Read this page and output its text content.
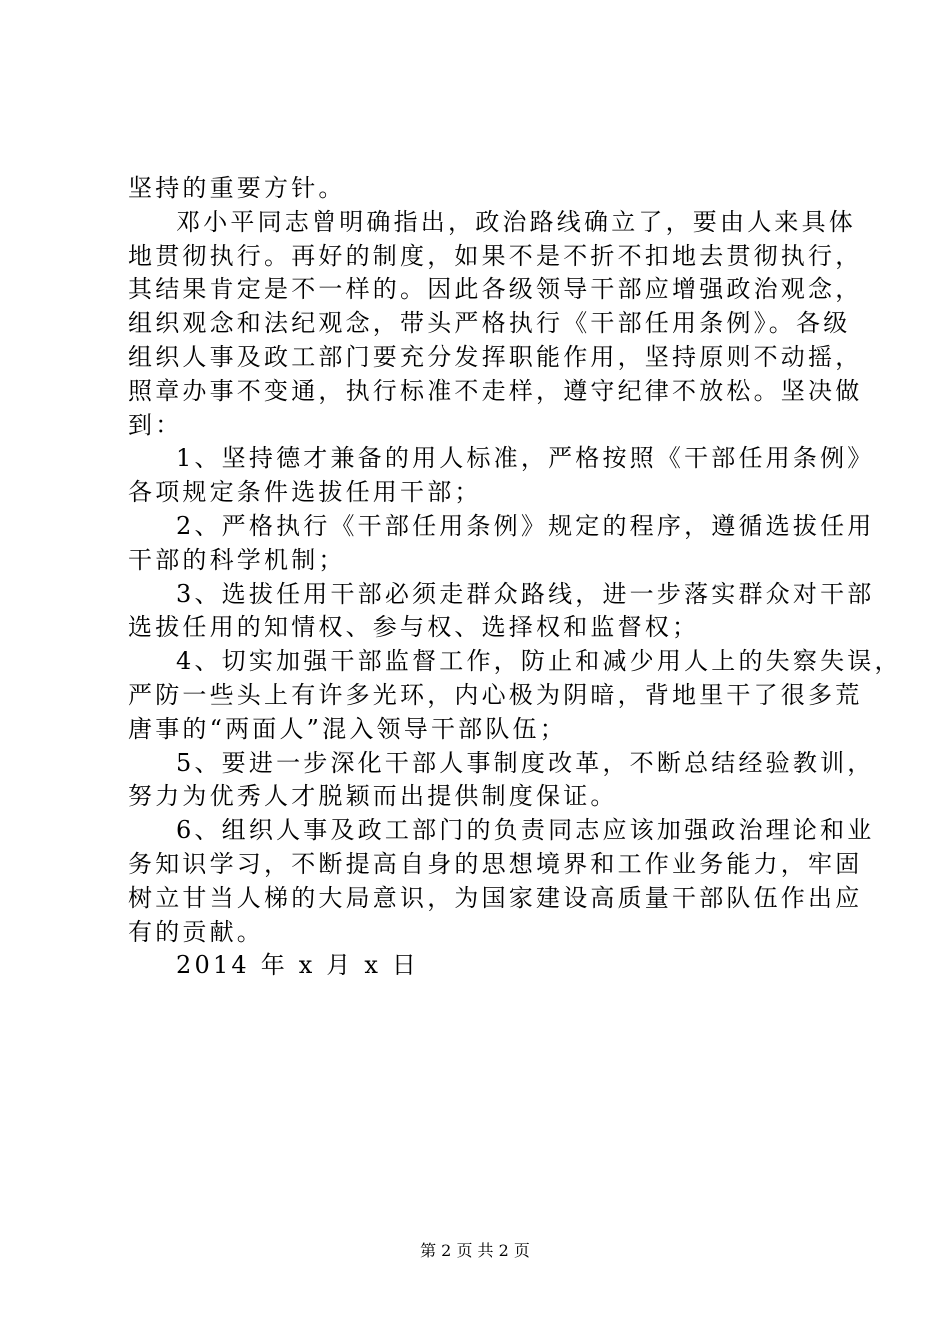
坚持的重要方针。
邓小平同志曾明确指出，政治路线确立了，要由人来具体
地贯彻执行。再好的制度，如果不是不折不扣地去贯彻执行，
其结果肯定是不一样的。因此各级领导干部应增强政治观念，
组织观念和法纪观念，带头严格执行《干部任用条例》。各级
组织人事及政工部门要充分发挥职能作用，坚持原则不动摇，
照章办事不变通，执行标准不走样，遵守纪律不放松。坚决做
到：
1、坚持德才兼备的用人标准，严格按照《干部任用条例》
各项规定条件选拔任用干部；
2、严格执行《干部任用条例》规定的程序，遵循选拔任用
干部的科学机制；
3、选拔任用干部必须走群众路线，进一步落实群众对干部
选拔任用的知情权、参与权、选择权和监督权；
4、切实加强干部监督工作，防止和减少用人上的失察失误，
严防一些头上有许多光环，内心极为阴暗，背地里干了很多荒
唐事的“两面人”混入领导干部队伍；
5、要进一步深化干部人事制度改革，不断总结经验教训，
努力为优秀人才脱颖而出提供制度保证。
6、组织人事及政工部门的负责同志应该加强政治理论和业
务知识学习，不断提高自身的思想境界和工作业务能力，牢固
树立甘当人梯的大局意识，为国家建设高质量干部队伍作出应
有的贡献。
2014 年 x 月 x 日
第 2 页 共 2 页
